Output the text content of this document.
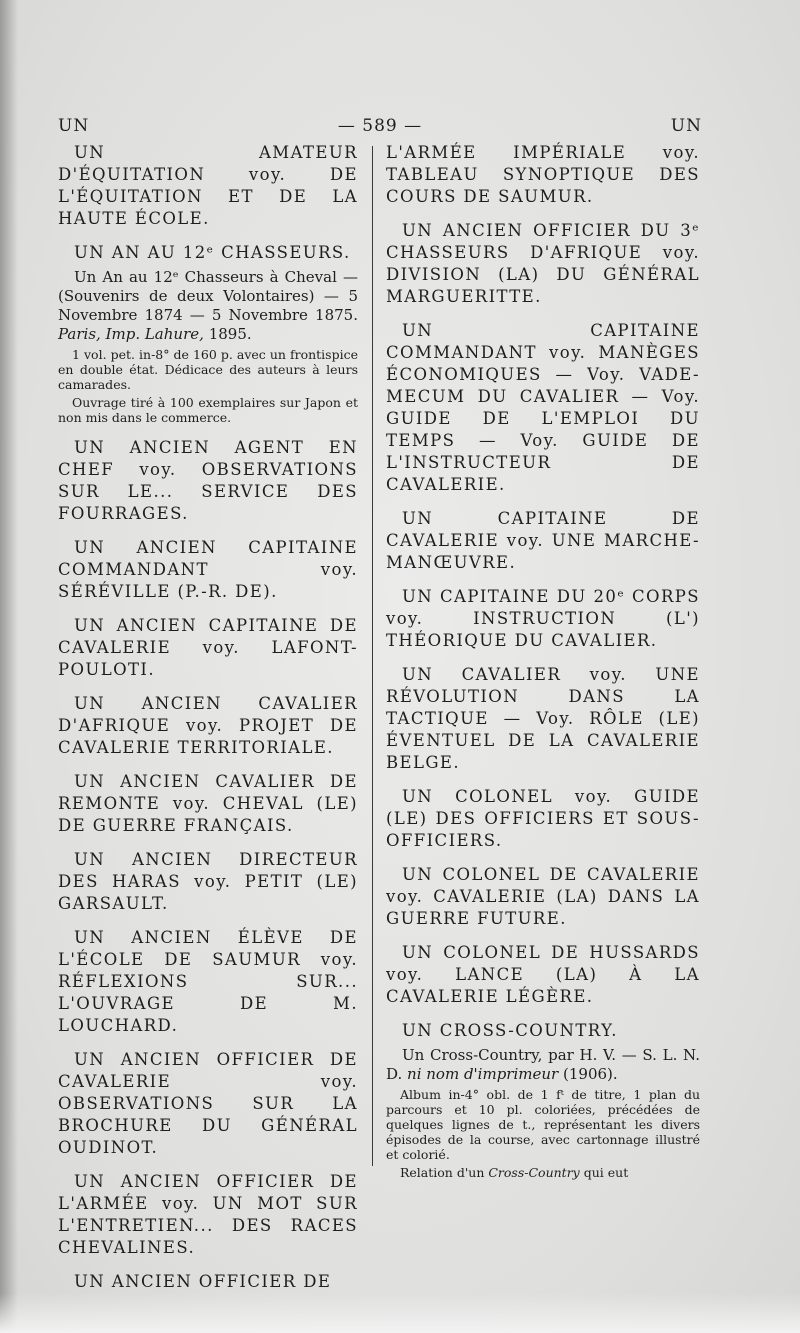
UN	— 589 —	UN

UN AMATEUR D'ÉQUITATION voy. DE L'ÉQUITATION ET DE LA HAUTE ÉCOLE.

UN AN AU 12ᵉ CHASSEURS.

Un An au 12ᵉ Chasseurs à Cheval — (Souvenirs de deux Volontaires) — 5 Novembre 1874 — 5 Novembre 1875. Paris, Imp. Lahure, 1895.

1 vol. pet. in-8° de 160 p. avec un frontispice en double état. Dédicace des auteurs à leurs camarades.

Ouvrage tiré à 100 exemplaires sur Japon et non mis dans le commerce.

UN ANCIEN AGENT EN CHEF voy. OBSERVATIONS SUR LE... SERVICE DES FOURRAGES.

UN ANCIEN CAPITAINE COMMANDANT voy. SÉRÉVILLE (P.-R. DE).

UN ANCIEN CAPITAINE DE CAVALERIE voy. LAFONT-POULOTI.

UN ANCIEN CAVALIER D'AFRIQUE voy. PROJET DE CAVALERIE TERRITORIALE.

UN ANCIEN CAVALIER DE REMONTE voy. CHEVAL (LE) DE GUERRE FRANÇAIS.

UN ANCIEN DIRECTEUR DES HARAS voy. PETIT (LE) GARSAULT.

UN ANCIEN ÉLÈVE DE L'ÉCOLE DE SAUMUR voy. RÉFLEXIONS SUR... L'OUVRAGE DE M. LOUCHARD.

UN ANCIEN OFFICIER DE CAVALERIE voy. OBSERVATIONS SUR LA BROCHURE DU GÉNÉRAL OUDINOT.

UN ANCIEN OFFICIER DE L'ARMÉE voy. UN MOT SUR L'ENTRETIEN... DES RACES CHEVALINES.

UN ANCIEN OFFICIER DE

L'ARMÉE IMPÉRIALE voy. TABLEAU SYNOPTIQUE DES COURS DE SAUMUR.

UN ANCIEN OFFICIER DU 3ᵉ CHASSEURS D'AFRIQUE voy. DIVISION (LA) DU GÉNÉRAL MARGUERITTE.

UN CAPITAINE COMMANDANT voy. MANÈGES ÉCONOMIQUES — Voy. VADE-MECUM DU CAVALIER — Voy. GUIDE DE L'EMPLOI DU TEMPS — Voy. GUIDE DE L'INSTRUCTEUR DE CAVALERIE.

UN CAPITAINE DE CAVALERIE voy. UNE MARCHE-MANŒUVRE.

UN CAPITAINE DU 20ᵉ CORPS voy. INSTRUCTION (L') THÉORIQUE DU CAVALIER.

UN CAVALIER voy. UNE RÉVOLUTION DANS LA TACTIQUE — Voy. RÔLE (LE) ÉVENTUEL DE LA CAVALERIE BELGE.

UN COLONEL voy. GUIDE (LE) DES OFFICIERS ET SOUS-OFFICIERS.

UN COLONEL DE CAVALERIE voy. CAVALERIE (LA) DANS LA GUERRE FUTURE.

UN COLONEL DE HUSSARDS voy. LANCE (LA) À LA CAVALERIE LÉGÈRE.

UN CROSS-COUNTRY.

Un Cross-Country, par H. V. — S. L. N. D. ni nom d'imprimeur (1906).

Album in-4° obl. de 1 fᵗ de titre, 1 plan du parcours et 10 pl. coloriées, précédées de quelques lignes de t., représentant les divers épisodes de la course, avec cartonnage illustré et colorié.

Relation d'un Cross-Country qui eut
